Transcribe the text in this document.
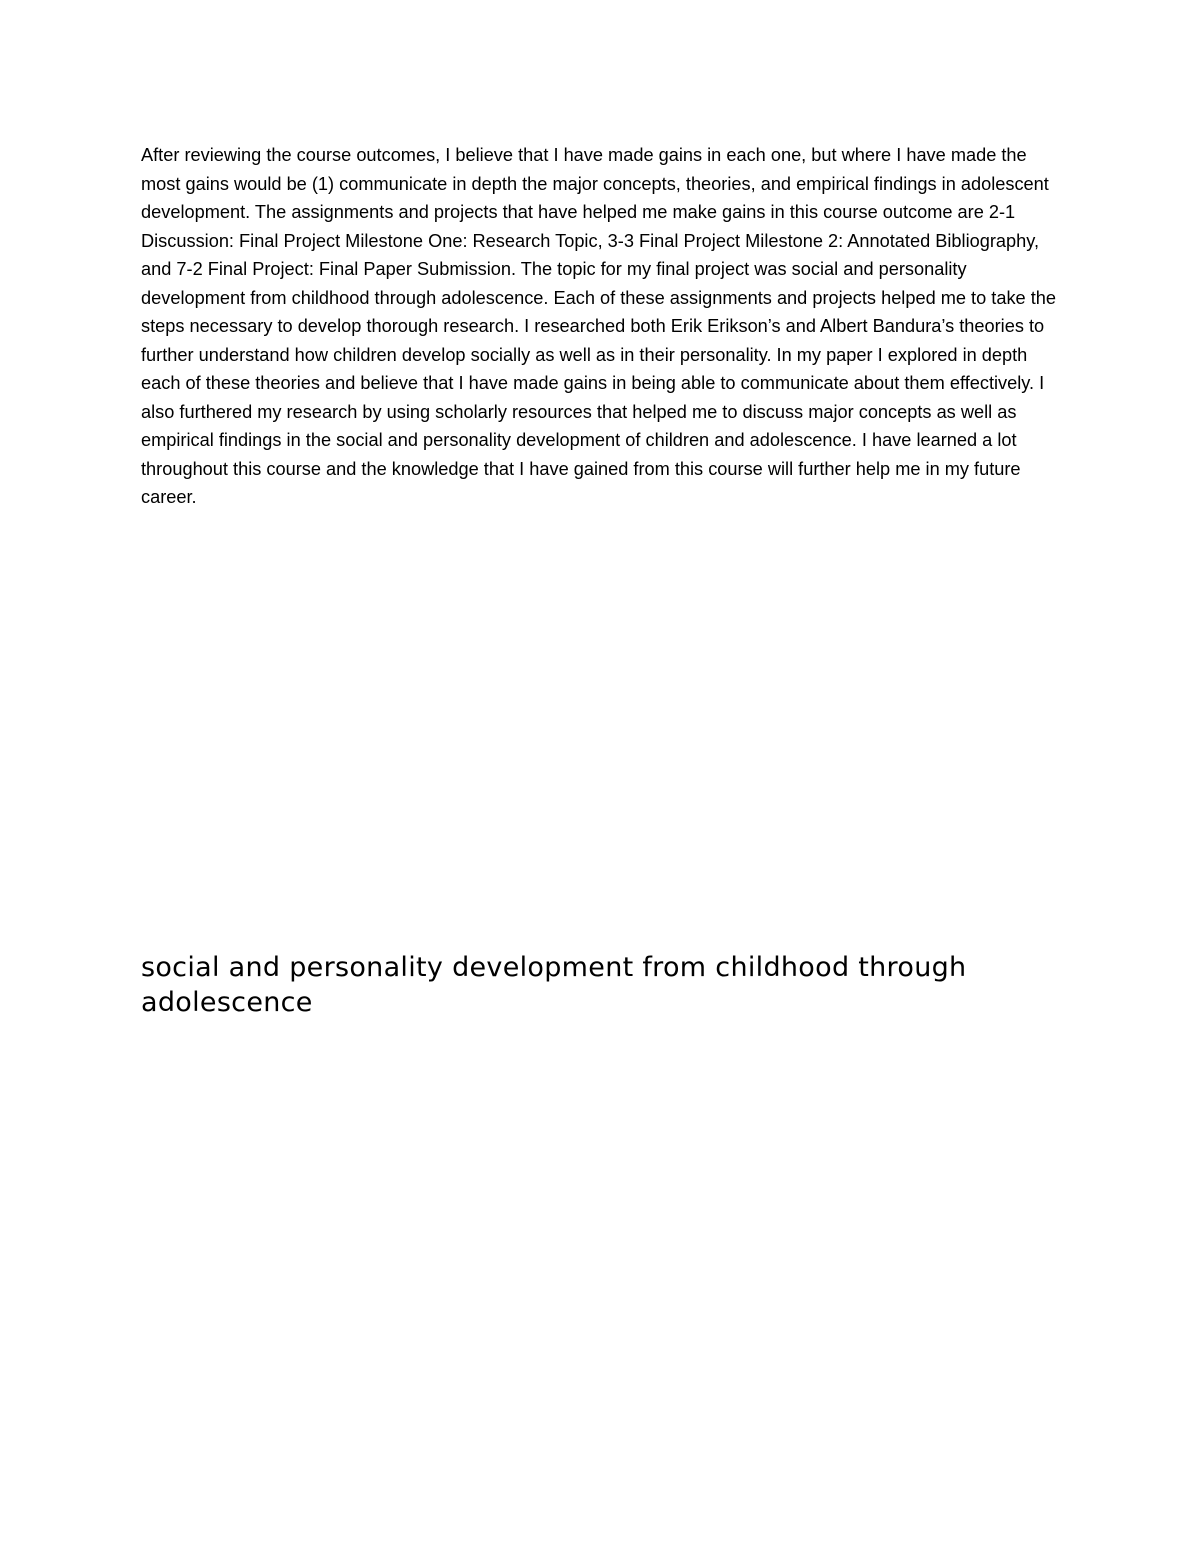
After reviewing the course outcomes, I believe that I have made gains in each one, but where I have made the most gains would be (1) communicate in depth the major concepts, theories, and empirical findings in adolescent development. The assignments and projects that have helped me make gains in this course outcome are 2-1 Discussion: Final Project Milestone One: Research Topic, 3-3 Final Project Milestone 2: Annotated Bibliography, and 7-2 Final Project: Final Paper Submission. The topic for my final project was social and personality development from childhood through adolescence. Each of these assignments and projects helped me to take the steps necessary to develop thorough research. I researched both Erik Erikson’s and Albert Bandura’s theories to further understand how children develop socially as well as in their personality. In my paper I explored in depth each of these theories and believe that I have made gains in being able to communicate about them effectively. I also furthered my research by using scholarly resources that helped me to discuss major concepts as well as empirical findings in the social and personality development of children and adolescence. I have learned a lot throughout this course and the knowledge that I have gained from this course will further help me in my future career.

social and personality development from childhood through adolescence
